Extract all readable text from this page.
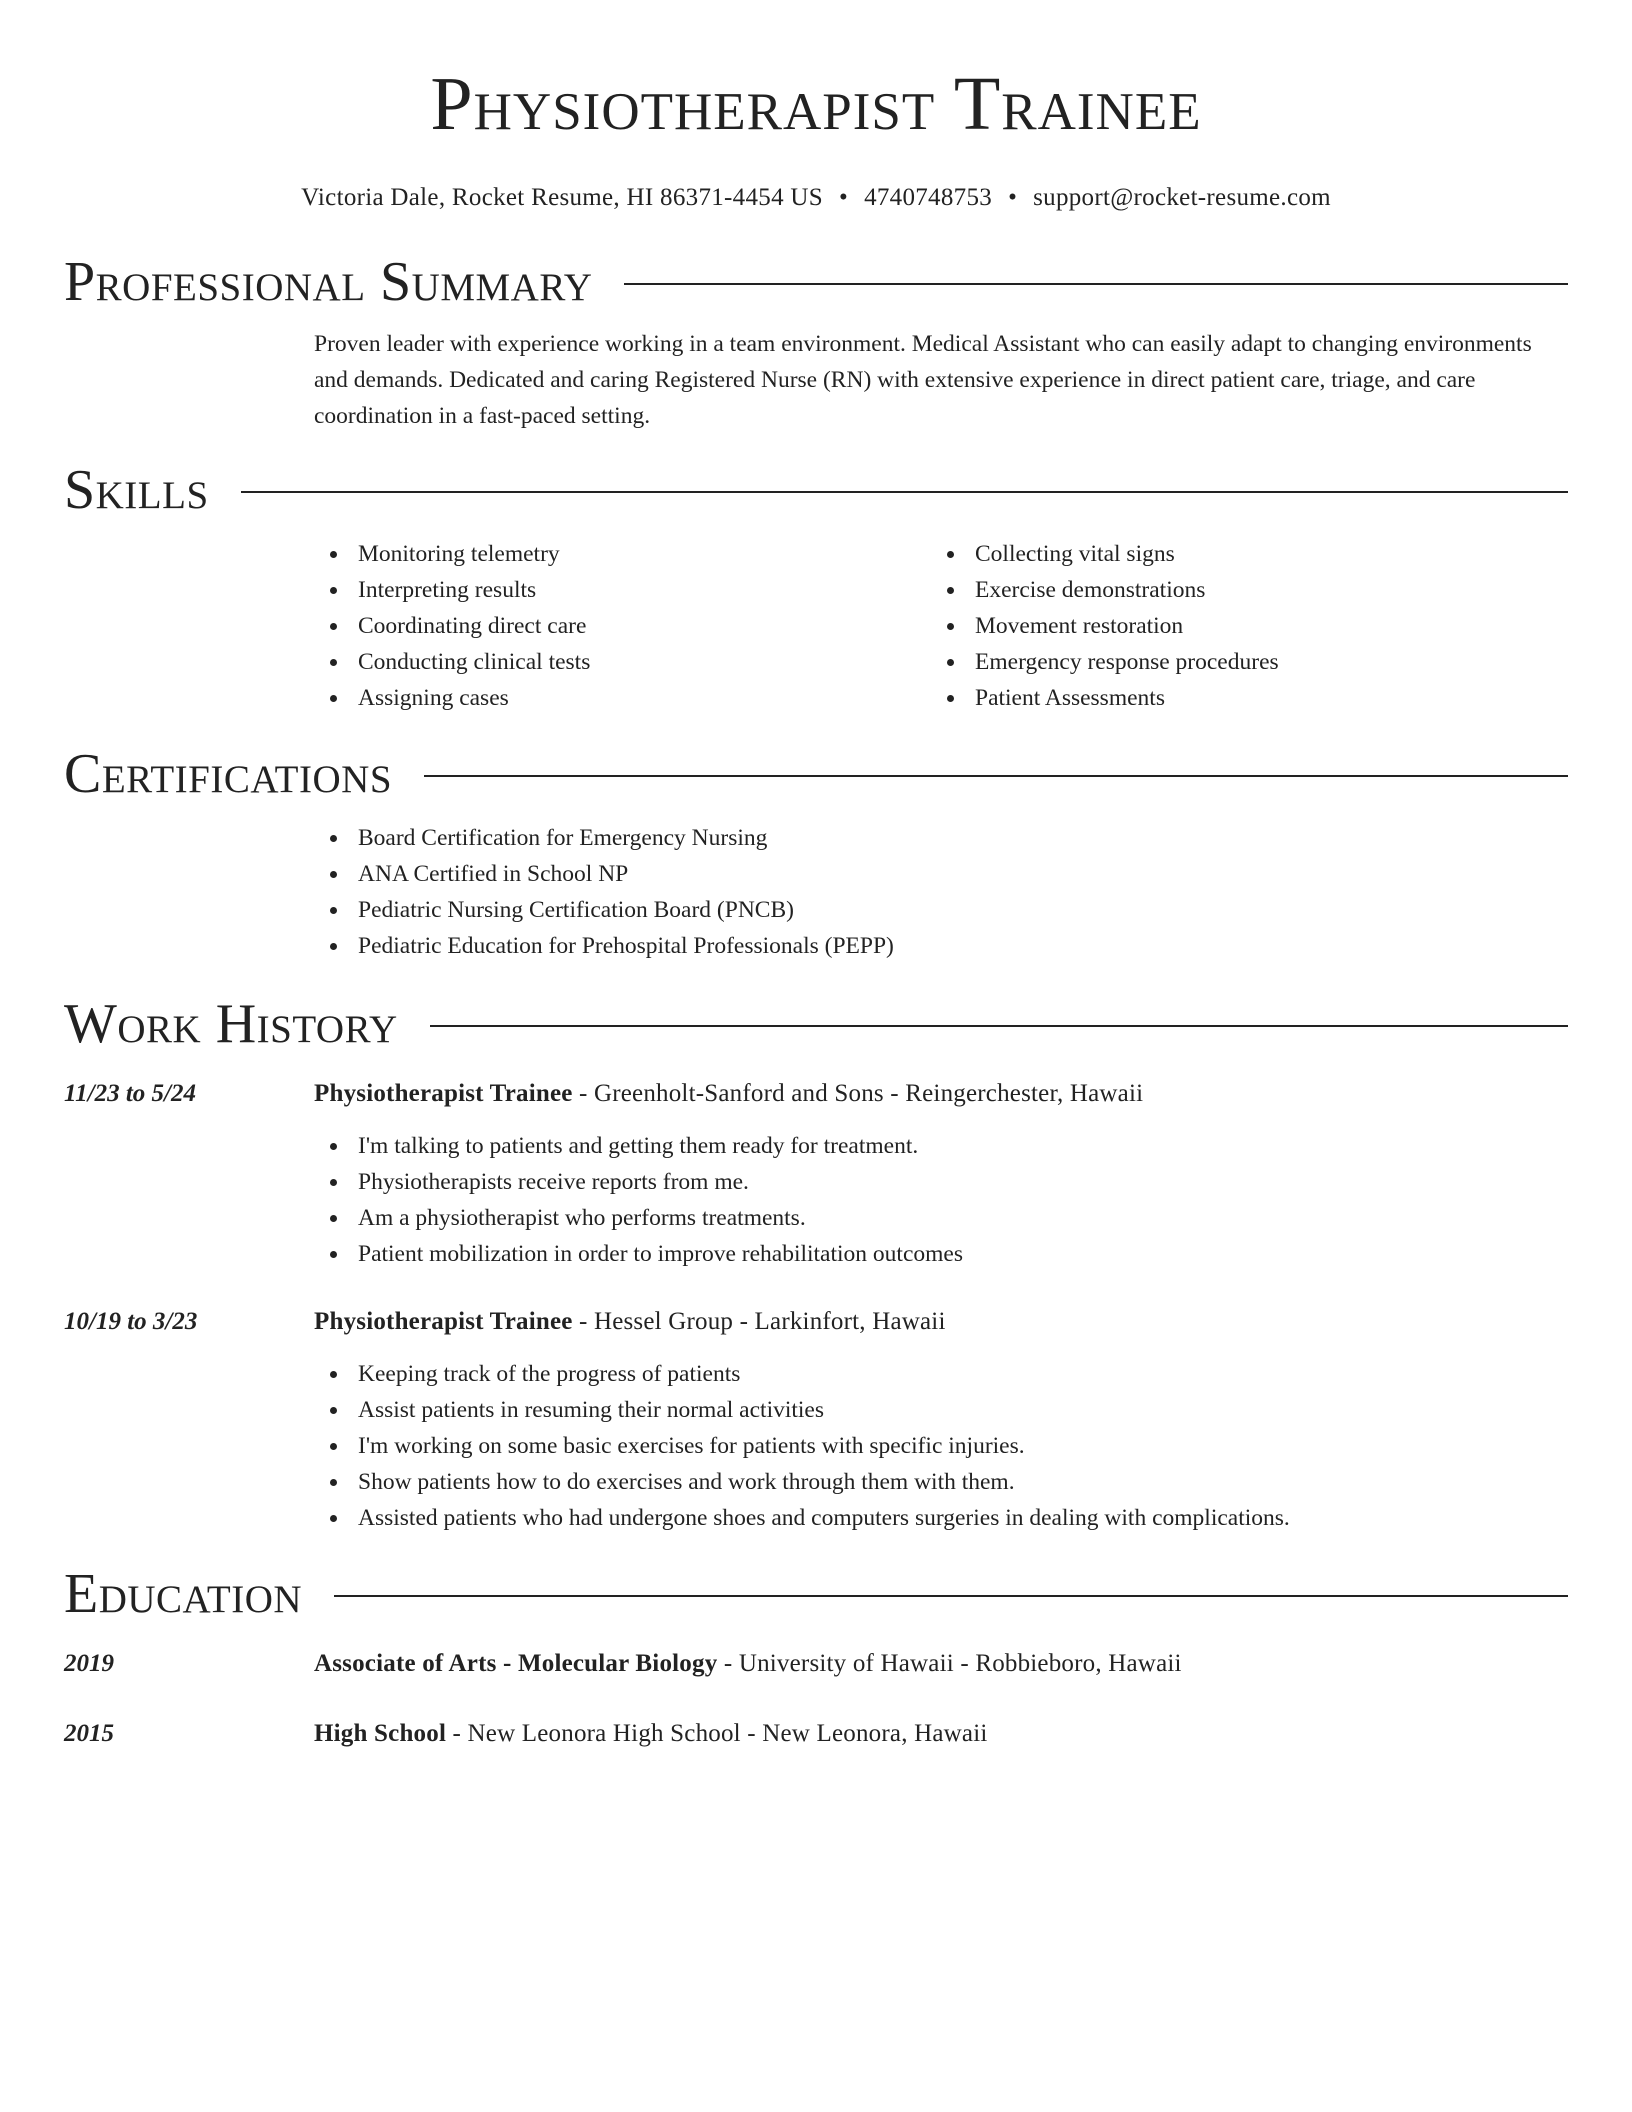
Physiotherapist Trainee
Victoria Dale, Rocket Resume, HI 86371-4454 US • 4740748753 • support@rocket-resume.com
Professional Summary
Proven leader with experience working in a team environment. Medical Assistant who can easily adapt to changing environments and demands. Dedicated and caring Registered Nurse (RN) with extensive experience in direct patient care, triage, and care coordination in a fast-paced setting.
Skills
Monitoring telemetry
Interpreting results
Coordinating direct care
Conducting clinical tests
Assigning cases
Collecting vital signs
Exercise demonstrations
Movement restoration
Emergency response procedures
Patient Assessments
Certifications
Board Certification for Emergency Nursing
ANA Certified in School NP
Pediatric Nursing Certification Board (PNCB)
Pediatric Education for Prehospital Professionals (PEPP)
Work History
11/23 to 5/24	Physiotherapist Trainee - Greenholt-Sanford and Sons - Reingerchester, Hawaii
I'm talking to patients and getting them ready for treatment.
Physiotherapists receive reports from me.
Am a physiotherapist who performs treatments.
Patient mobilization in order to improve rehabilitation outcomes
10/19 to 3/23	Physiotherapist Trainee - Hessel Group - Larkinfort, Hawaii
Keeping track of the progress of patients
Assist patients in resuming their normal activities
I'm working on some basic exercises for patients with specific injuries.
Show patients how to do exercises and work through them with them.
Assisted patients who had undergone shoes and computers surgeries in dealing with complications.
Education
2019	Associate of Arts - Molecular Biology - University of Hawaii - Robbieboro, Hawaii
2015	High School - New Leonora High School - New Leonora, Hawaii
